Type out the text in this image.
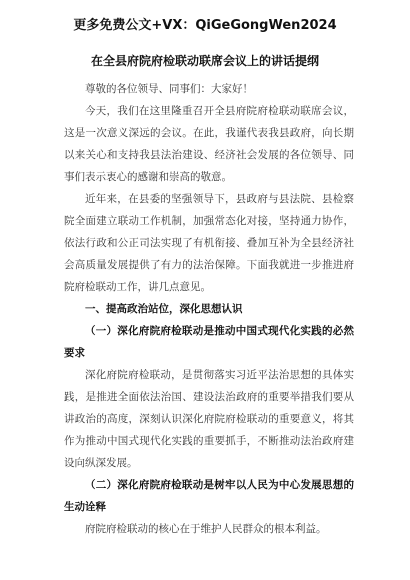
更多免费公文+VX：QiGeGongWen2024
在全县府院府检联动联席会议上的讲话提纲

尊敬的各位领导、同事们：大家好！

今天，我们在这里隆重召开全县府院府检联动联席会议，这是一次意义深远的会议。在此，我谨代表我县政府，向长期以来关心和支持我县法治建设、经济社会发展的各位领导、同事们表示衷心的感谢和崇高的敬意。

近年来，在县委的坚强领导下，县政府与县法院、县检察院全面建立联动工作机制，加强常态化对接，坚持通力协作，依法行政和公正司法实现了有机衔接、叠加互补为全县经济社会高质量发展提供了有力的法治保障。下面我就进一步推进府院府检联动工作，讲几点意见。

一、提高政治站位，深化思想认识

（一）深化府院府检联动是推动中国式现代化实践的必然要求

深化府院府检联动，是贯彻落实习近平法治思想的具体实践，是推进全面依法治国、建设法治政府的重要举措我们要从讲政治的高度，深刻认识深化府院府检联动的重要意义，将其作为推动中国式现代化实践的重要抓手，不断推动法治政府建设向纵深发展。

（二）深化府院府检联动是树牢以人民为中心发展思想的生动诠释

府院府检联动的核心在于维护人民群众的根本利益。
